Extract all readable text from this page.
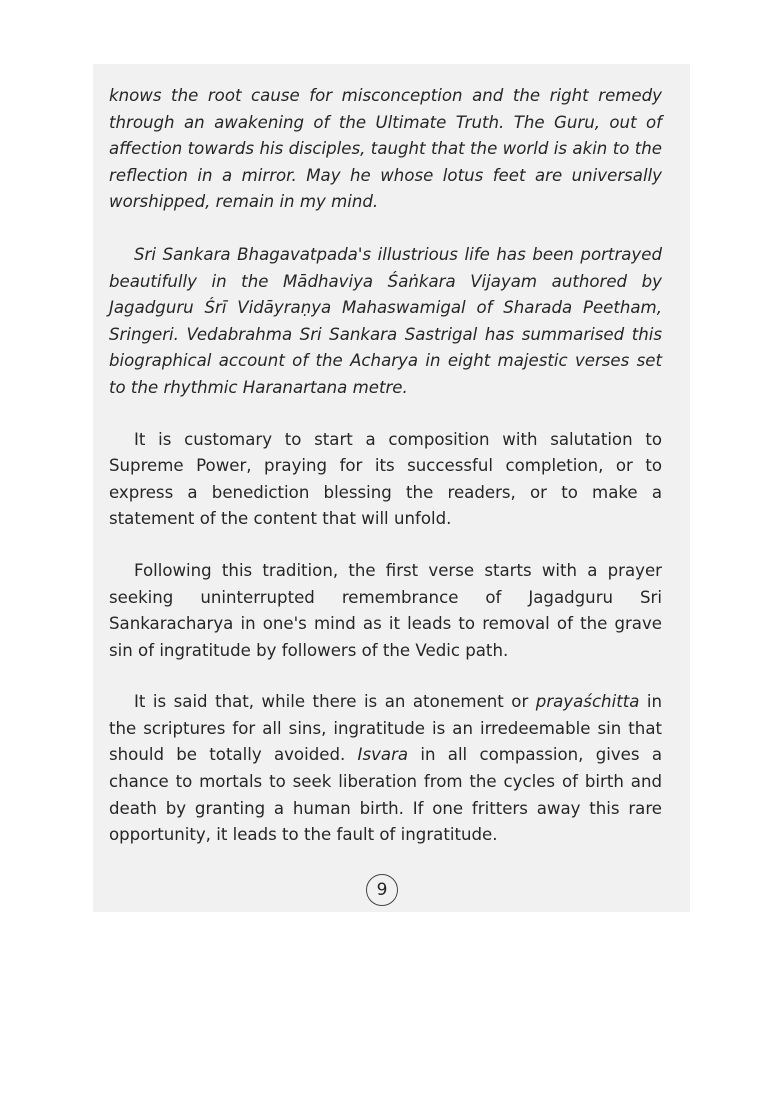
knows the root cause for misconception and the right remedy through an awakening of the Ultimate Truth. The Guru, out of affection towards his disciples, taught that the world is akin to the reflection in a mirror. May he whose lotus feet are universally worshipped, remain in my mind.

Sri Sankara Bhagavatpada's illustrious life has been portrayed beautifully in the Mādhaviya Śaṅkara Vijayam authored by Jagadguru Śrī Vidāyraṇya Mahaswamigal of Sharada Peetham, Sringeri. Vedabrahma Sri Sankara Sastrigal has summarised this biographical account of the Acharya in eight majestic verses set to the rhythmic Haranartana metre.

It is customary to start a composition with salutation to Supreme Power, praying for its successful completion, or to express a benediction blessing the readers, or to make a statement of the content that will unfold.

Following this tradition, the first verse starts with a prayer seeking uninterrupted remembrance of Jagadguru Sri Sankaracharya in one's mind as it leads to removal of the grave sin of ingratitude by followers of the Vedic path.

It is said that, while there is an atonement or prayaśchitta in the scriptures for all sins, ingratitude is an irredeemable sin that should be totally avoided. Isvara in all compassion, gives a chance to mortals to seek liberation from the cycles of birth and death by granting a human birth. If one fritters away this rare opportunity, it leads to the fault of ingratitude.

9
